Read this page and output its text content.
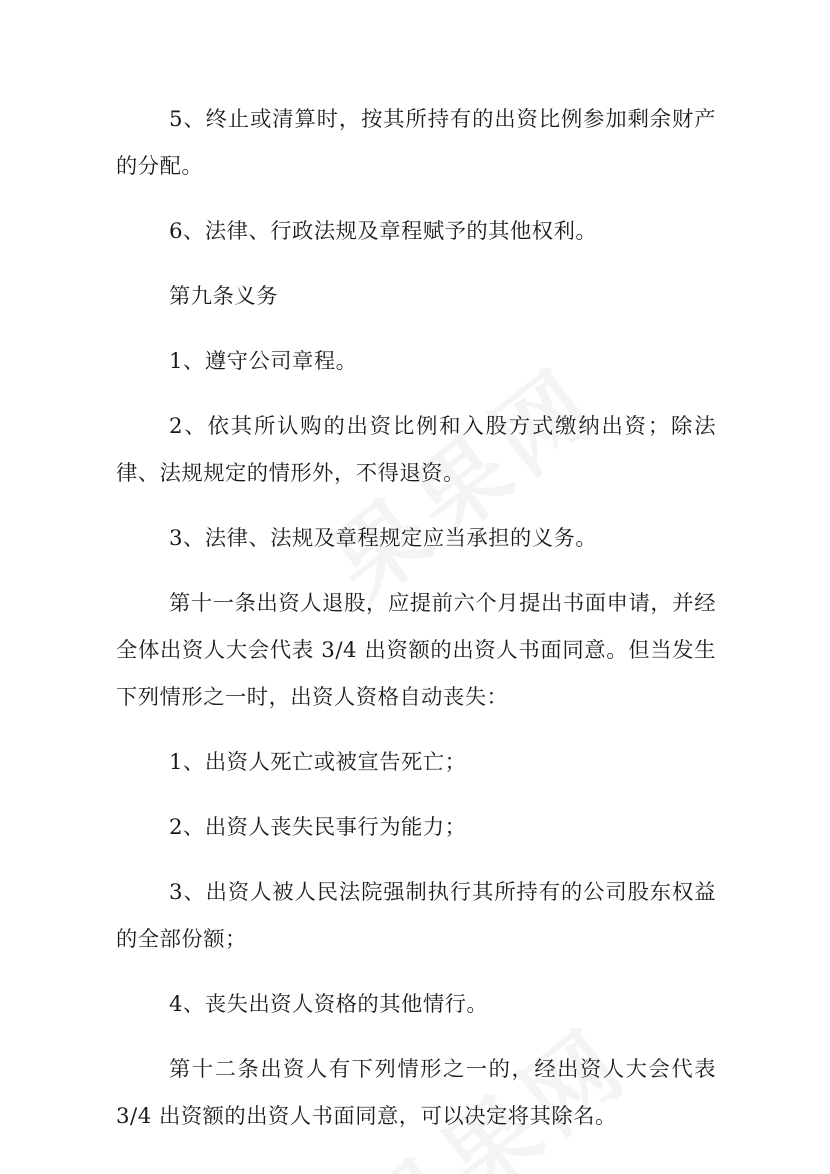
5、终止或清算时，按其所持有的出资比例参加剩余财产的分配。

6、法律、行政法规及章程赋予的其他权利。

第九条义务

1、遵守公司章程。

2、依其所认购的出资比例和入股方式缴纳出资；除法律、法规规定的情形外，不得退资。

3、法律、法规及章程规定应当承担的义务。

第十一条出资人退股，应提前六个月提出书面申请，并经全体出资人大会代表 3/4 出资额的出资人书面同意。但当发生下列情形之一时，出资人资格自动丧失：

1、出资人死亡或被宣告死亡；

2、出资人丧失民事行为能力；

3、出资人被人民法院强制执行其所持有的公司股东权益的全部份额；

4、丧失出资人资格的其他情行。

第十二条出资人有下列情形之一的，经出资人大会代表 3/4 出资额的出资人书面同意，可以决定将其除名。
